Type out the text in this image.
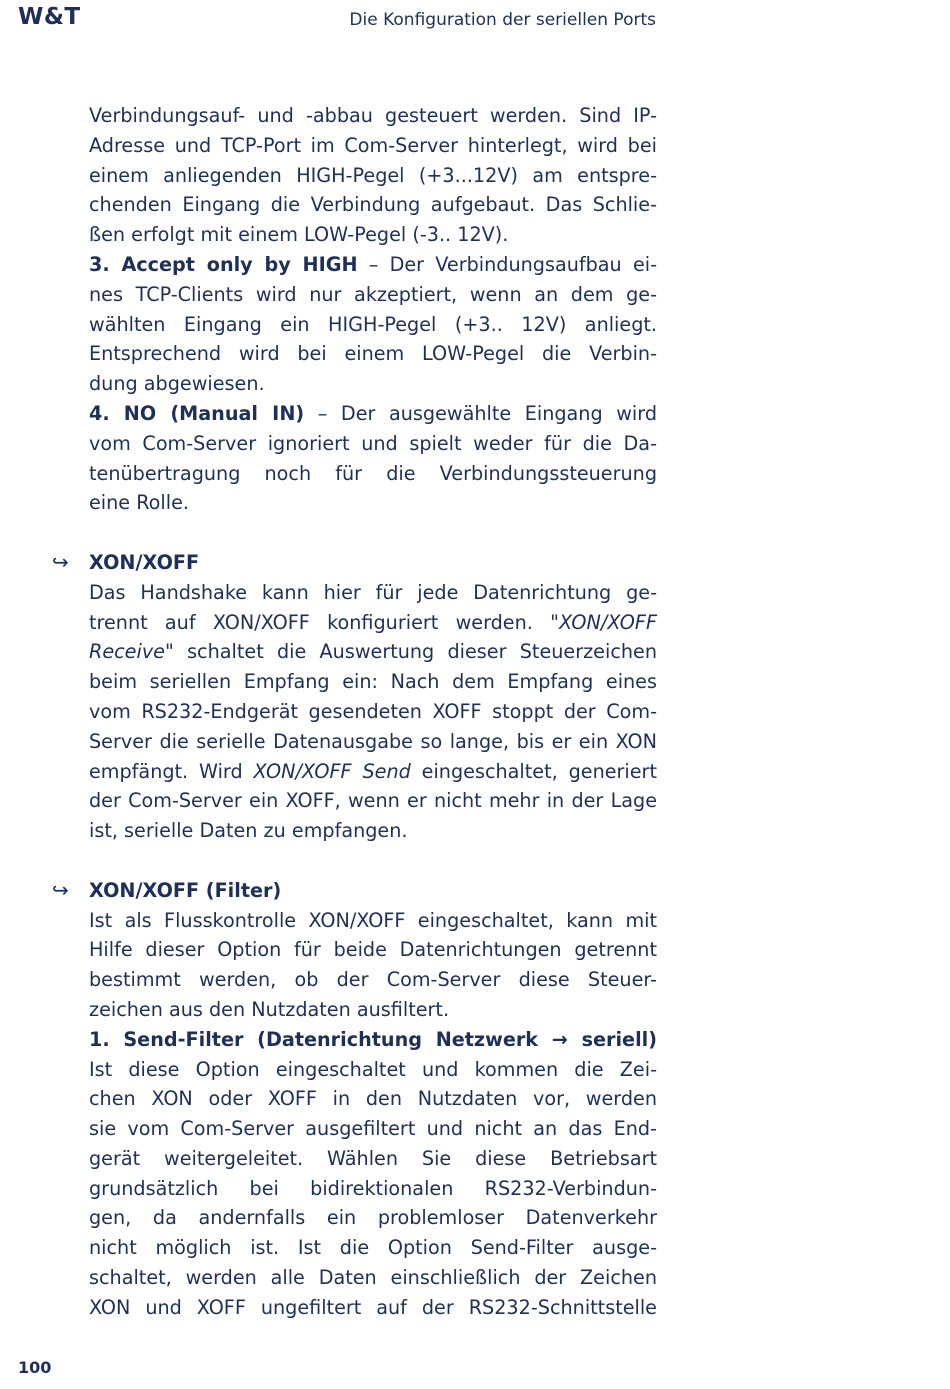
W&T	Die Konfiguration der seriellen Ports
Verbindungsauf- und -abbau gesteuert werden. Sind IP-
Adresse und TCP-Port im Com-Server hinterlegt, wird bei
einem anliegenden HIGH-Pegel (+3...12V) am entspre-
chenden Eingang die Verbindung aufgebaut. Das Schlie-
ßen erfolgt mit einem LOW-Pegel (-3.. 12V).
3. Accept only by HIGH – Der Verbindungsaufbau ei-
nes TCP-Clients wird nur akzeptiert, wenn an dem ge-
wählten Eingang ein HIGH-Pegel (+3.. 12V) anliegt.
Entsprechend wird bei einem LOW-Pegel die Verbin-
dung abgewiesen.
4. NO (Manual IN) – Der ausgewählte Eingang wird
vom Com-Server ignoriert und spielt weder für die Da-
tenübertragung noch für die Verbindungssteuerung
eine Rolle.
↪ XON/XOFF
Das Handshake kann hier für jede Datenrichtung ge-
trennt auf XON/XOFF konfiguriert werden. "XON/XOFF
Receive" schaltet die Auswertung dieser Steuerzeichen
beim seriellen Empfang ein: Nach dem Empfang eines
vom RS232-Endgerät gesendeten XOFF stoppt der Com-
Server die serielle Datenausgabe so lange, bis er ein XON
empfängt. Wird XON/XOFF Send eingeschaltet, generiert
der Com-Server ein XOFF, wenn er nicht mehr in der Lage
ist, serielle Daten zu empfangen.
↪ XON/XOFF (Filter)
Ist als Flusskontrolle XON/XOFF eingeschaltet, kann mit
Hilfe dieser Option für beide Datenrichtungen getrennt
bestimmt werden, ob der Com-Server diese Steuer-
zeichen aus den Nutzdaten ausfiltert.
1. Send-Filter (Datenrichtung Netzwerk → seriell)
Ist diese Option eingeschaltet und kommen die Zei-
chen XON oder XOFF in den Nutzdaten vor, werden
sie vom Com-Server ausgefiltert und nicht an das End-
gerät weitergeleitet. Wählen Sie diese Betriebsart
grundsätzlich bei bidirektionalen RS232-Verbindun-
gen, da andernfalls ein problemloser Datenverkehr
nicht möglich ist. Ist die Option Send-Filter ausge-
schaltet, werden alle Daten einschließlich der Zeichen
XON und XOFF ungefiltert auf der RS232-Schnittstelle
100
